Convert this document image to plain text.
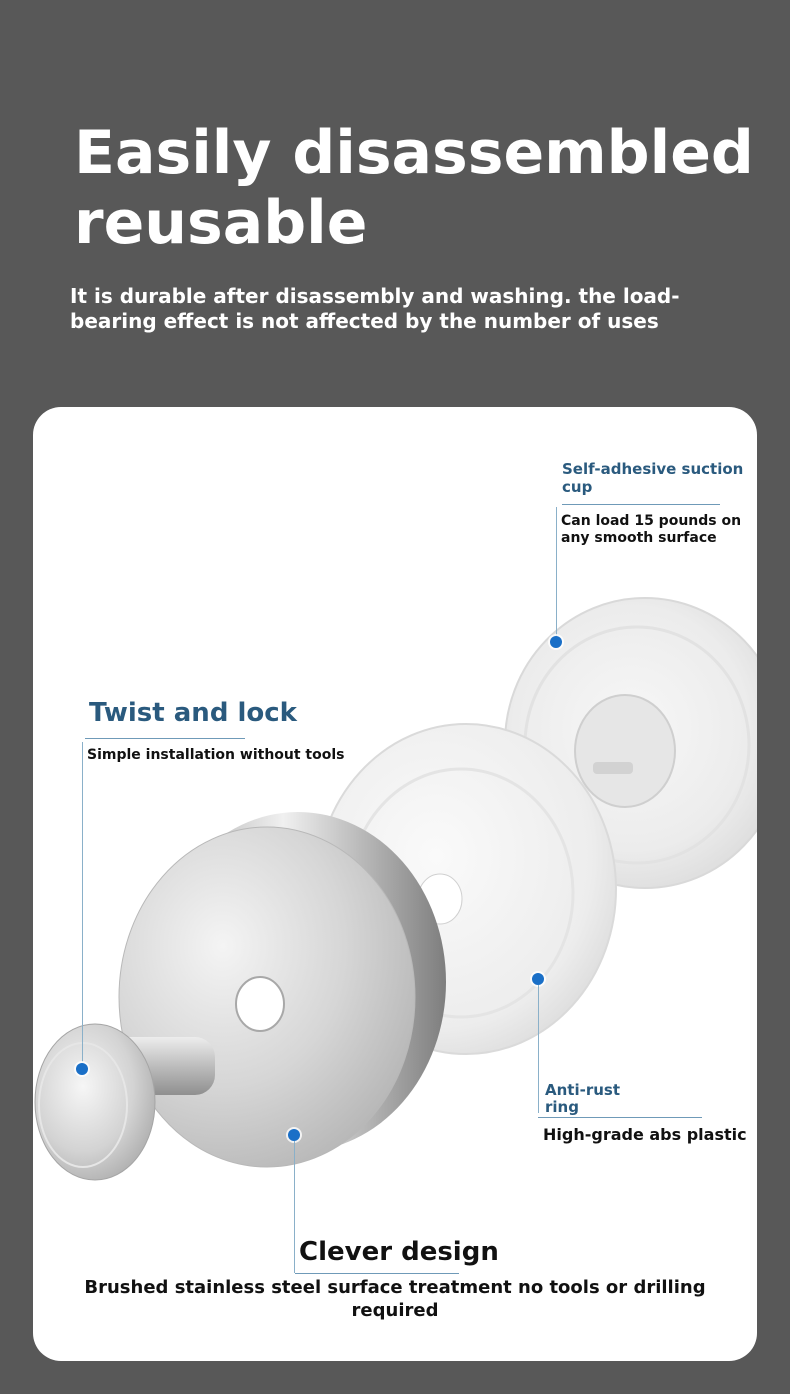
Easily disassembled
reusable

It is durable after disassembly and washing. the load-bearing effect is not affected by the number of uses

Self-adhesive suction
cup
Can load 15 pounds on
any smooth surface
Twist and lock
Simple installation without tools
Anti-rust
ring
High-grade abs plastic
Clever design
Brushed stainless steel surface treatment no tools or drilling
required
